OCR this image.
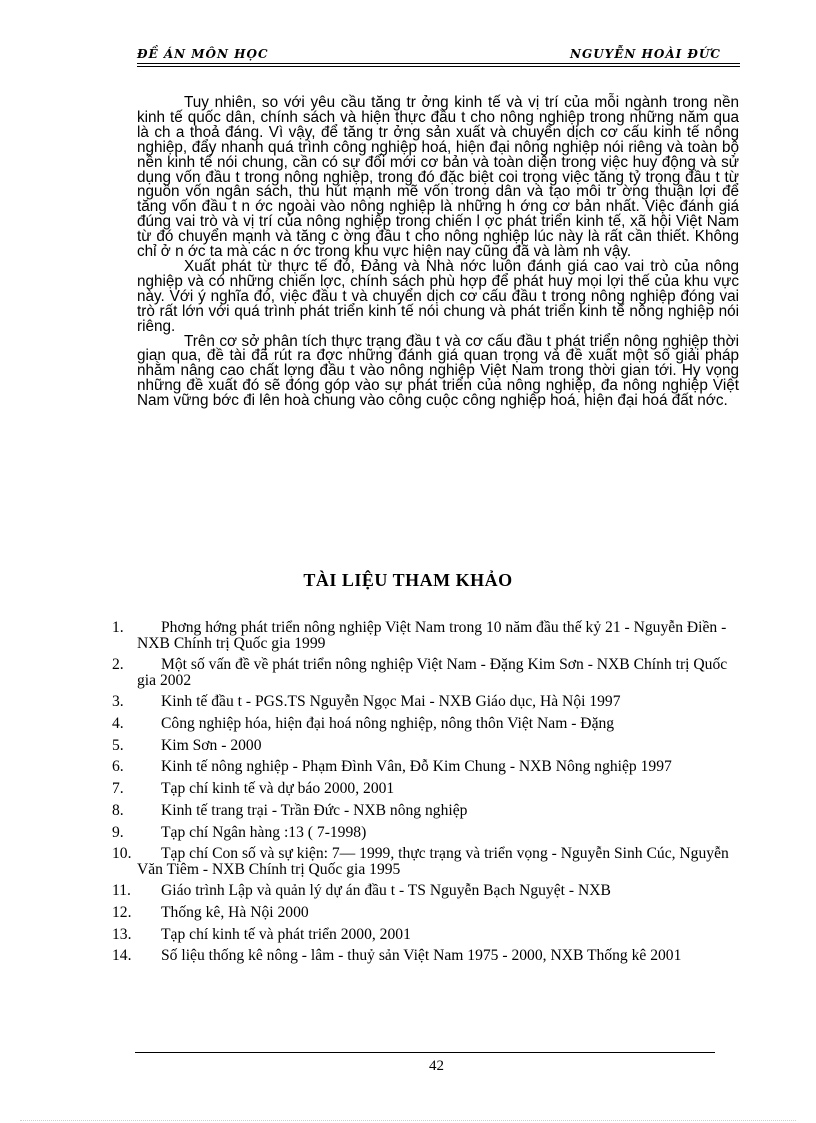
ĐỀ ÁN MÔN HỌC	NGUYỄN HOÀI ĐỨC

Tuy nhiên, so với yêu cầu tăng tr ởng kinh tế và vị trí của mỗi ngành trong nền kinh tế quốc dân, chính sách và hiện thực đầu t cho nông nghiệp trong những năm qua là ch a thoả đáng. Vì vậy, để tăng tr ởng sản xuất và chuyển dịch cơ cấu kinh tế nông nghiệp, đẩy nhanh quá trình công nghiệp hoá, hiện đại nông nghiệp nói riêng và toàn bộ nền kinh tế nói chung, cần có sự đổi mới cơ bản và toàn diện trong việc huy động và sử dụng vốn đầu t trong nông nghiệp, trong đó đặc biệt coi trọng việc tăng tỷ trọng đầu t từ nguồn vốn ngân sách, thu hút mạnh mẽ vốn trong dân và tạo môi tr ờng thuận lợi để tăng vốn đầu t n ớc ngoài vào nông nghiệp là những h ớng cơ bản nhất. Việc đánh giá đúng vai trò và vị trí của nông nghiệp trong chiến l ợc phát triển kinh tế, xã hội Việt Nam từ đó chuyển mạnh và tăng c ờng đầu t cho nông nghiệp lúc này là rất cần thiết. Không chỉ ở n ớc ta mà các n ớc trong khu vực hiện nay cũng đã và làm nh vậy.

Xuất phát từ thực tế đó, Đảng và Nhà nớc luôn đánh giá cao vai trò của nông nghiệp và có những chiến lợc, chính sách phù hợp để phát huy mọi lợi thế của khu vực này. Với ý nghĩa đó, việc đầu t và chuyển dịch cơ cấu đầu t trong nông nghiệp đóng vai trò rất lớn với quá trình phát triển kinh tế nói chung và phát triển kinh tế nông nghiệp nói riêng.

Trên cơ sở phân tích thực trạng đầu t và cơ cấu đầu t phát triển nông nghiệp thời gian qua, đề tài đã rút ra đợc những đánh giá quan trọng và đề xuất một số giải pháp nhằm nâng cao chất lợng đầu t vào nông nghiệp Việt Nam trong thời gian tới. Hy vọng những đề xuất đó sẽ đóng góp vào sự phát triển của nông nghiệp, đa nông nghiệp Việt Nam vững bớc đi lên hoà chung vào công cuộc công nghiệp hoá, hiện đại hoá đất nớc.

TÀI LIỆU THAM KHẢO
1.	Phơng hớng phát triển nông nghiệp Việt Nam trong 10 năm đầu thế kỷ 21 - Nguyễn Điền - NXB Chính trị Quốc gia 1999
2.	Một số vấn đề về phát triển nông nghiệp Việt Nam - Đặng Kim Sơn - NXB Chính trị Quốc gia 2002
3.	Kinh tế đầu t - PGS.TS Nguyễn Ngọc Mai - NXB Giáo dục, Hà Nội 1997
4.	Công nghiệp hóa, hiện đại hoá nông nghiệp, nông thôn Việt Nam - Đặng
5.	Kim Sơn - 2000
6.	Kinh tế nông nghiệp - Phạm Đình Vân, Đỗ Kim Chung - NXB Nông nghiệp 1997
7.	Tạp chí kinh tế và dự báo 2000, 2001
8.	Kinh tế trang trại - Trần Đức - NXB nông nghiệp
9.	Tạp chí Ngân hàng :13 ( 7-1998)
10.	Tạp chí Con số và sự kiện: 7— 1999, thực trạng và triển vọng - Nguyễn Sinh Cúc, Nguyễn Văn Tiêm - NXB Chính trị Quốc gia 1995
11.	Giáo trình Lập và quản lý dự án đầu t - TS Nguyễn Bạch Nguyệt - NXB
12.	Thống kê, Hà Nội 2000
13.	Tạp chí kinh tế và phát triển 2000, 2001
14.	Số liệu thống kê nông - lâm - thuỷ sản Việt Nam 1975 - 2000, NXB Thống kê 2001
42
